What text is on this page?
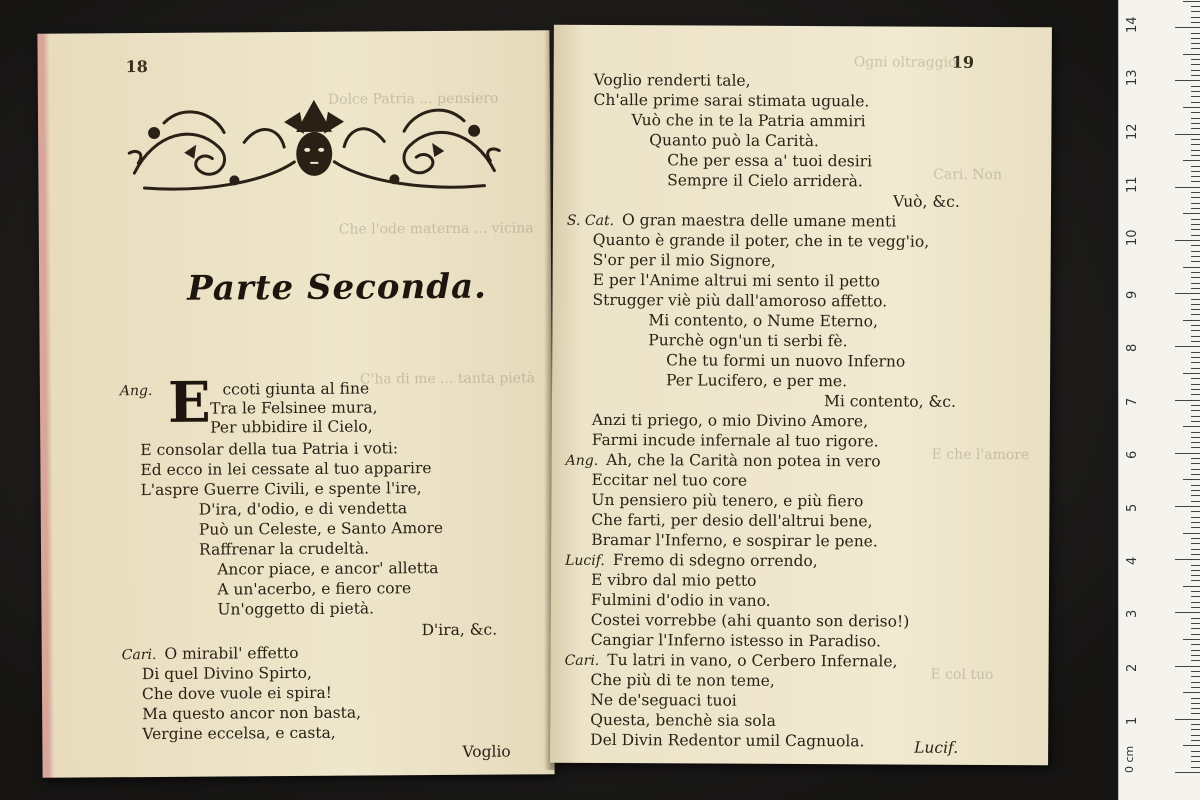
18
Parte Seconda.
Dolce Patria ... pensiero
Che l'ode materna ... vicina
C'ha di me ... tanta pietà
E
Ang.	ccoti giunta al fine
Tra le Felsinee mura,
Per ubbidire il Cielo,
E consolar della tua Patria i voti:
Ed ecco in lei cessate al tuo apparire
L'aspre Guerre Civili, e spente l'ire,
D'ira, d'odio, e di vendetta
Può un Celeste, e Santo Amore
Raffrenar la crudeltà.
Ancor piace, e ancor' alletta
A un'acerbo, e fiero core
Un'oggetto di pietà.
D'ira, &c.
Cari. O mirabil' effetto
Di quel Divino Spirto,
Che dove vuole ei spira!
Ma questo ancor non basta,
Vergine eccelsa, e casta,
Voglio
19
Ogni oltraggio
Cari. Non
E che l'amore
E col tuo
Voglio renderti tale,
Ch'alle prime sarai stimata uguale.
Vuò che in te la Patria ammiri
Quanto può la Carità.
Che per essa a' tuoi desiri
Sempre il Cielo arriderà.
Vuò, &c.
S. Cat. O gran maestra delle umane menti
Quanto è grande il poter, che in te vegg'io,
S'or per il mio Signore,
E per l'Anime altrui mi sento il petto
Strugger viè più dall'amoroso affetto.
Mi contento, o Nume Eterno,
Purchè ogn'un ti serbi fè.
Che tu formi un nuovo Inferno
Per Lucifero, e per me.
Mi contento, &c.
Anzi ti priego, o mio Divino Amore,
Farmi incude infernale al tuo rigore.
Ang. Ah, che la Carità non potea in vero
Eccitar nel tuo core
Un pensiero più tenero, e più fiero
Che farti, per desio dell'altrui bene,
Bramar l'Inferno, e sospirar le pene.
Lucif. Fremo di sdegno orrendo,
E vibro dal mio petto
Fulmini d'odio in vano.
Costei vorrebbe (ahi quanto son deriso!)
Cangiar l'Inferno istesso in Paradiso.
Cari. Tu latri in vano, o Cerbero Infernale,
Che più di te non teme,
Ne de'seguaci tuoi
Questa, benchè sia sola
Del Divin Redentor umil Cagnuola.	Lucif.
1
2
3
4
5
6
7
8
9
10
11
12
13
14
0 cm
